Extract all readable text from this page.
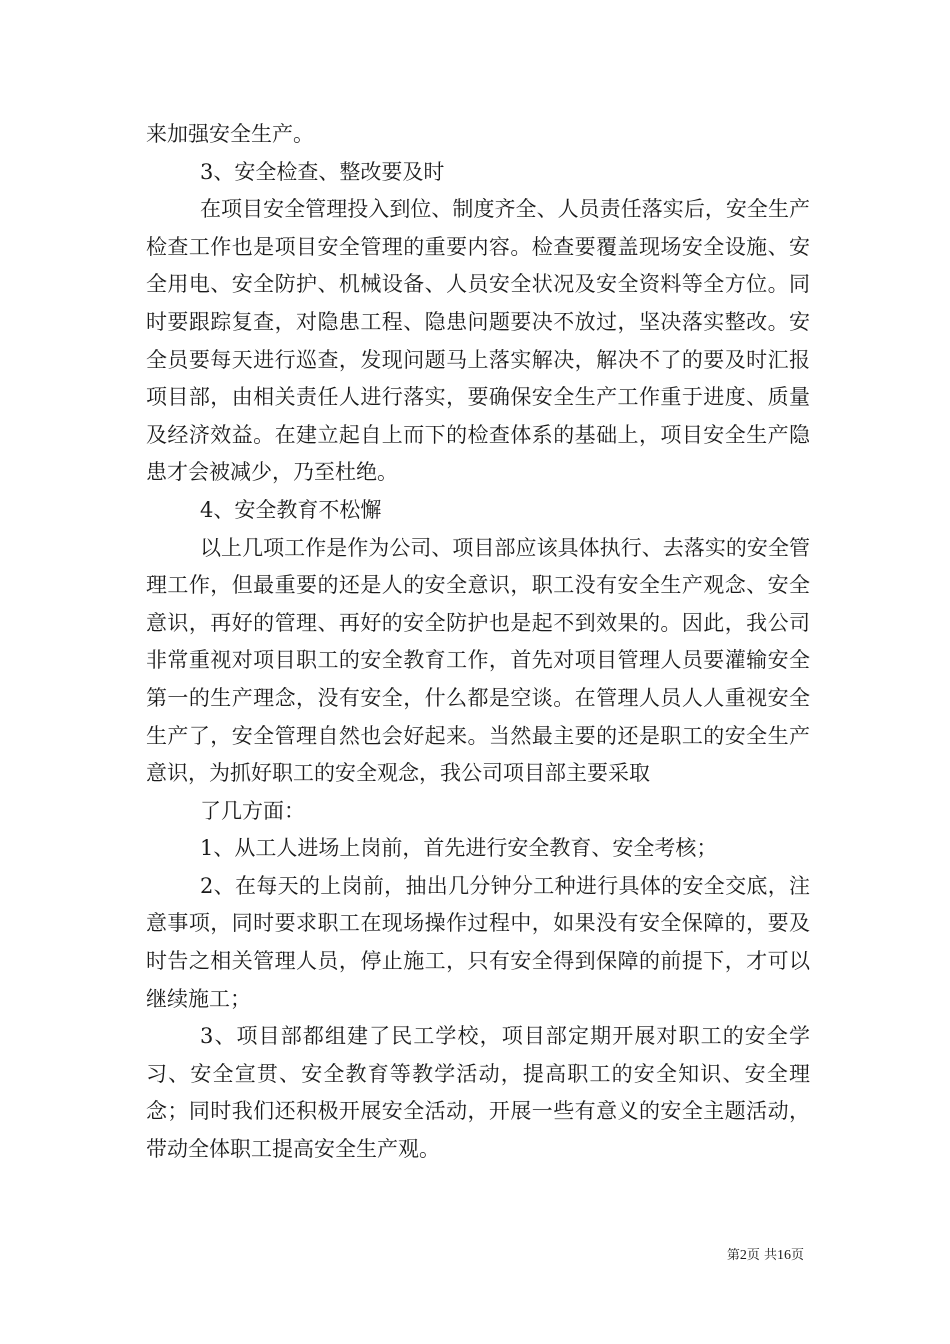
来加强安全生产。

3、安全检查、整改要及时

在项目安全管理投入到位、制度齐全、人员责任落实后，安全生产检查工作也是项目安全管理的重要内容。检查要覆盖现场安全设施、安全用电、安全防护、机械设备、人员安全状况及安全资料等全方位。同时要跟踪复查，对隐患工程、隐患问题要决不放过，坚决落实整改。安全员要每天进行巡查，发现问题马上落实解决，解决不了的要及时汇报项目部，由相关责任人进行落实，要确保安全生产工作重于进度、质量及经济效益。在建立起自上而下的检查体系的基础上，项目安全生产隐患才会被减少，乃至杜绝。

4、安全教育不松懈

以上几项工作是作为公司、项目部应该具体执行、去落实的安全管理工作，但最重要的还是人的安全意识，职工没有安全生产观念、安全意识，再好的管理、再好的安全防护也是起不到效果的。因此，我公司非常重视对项目职工的安全教育工作，首先对项目管理人员要灌输安全第一的生产理念，没有安全，什么都是空谈。在管理人员人人重视安全生产了，安全管理自然也会好起来。当然最主要的还是职工的安全生产意识，为抓好职工的安全观念，我公司项目部主要采取

了几方面：

1、从工人进场上岗前，首先进行安全教育、安全考核；

2、在每天的上岗前，抽出几分钟分工种进行具体的安全交底，注意事项，同时要求职工在现场操作过程中，如果没有安全保障的，要及时告之相关管理人员，停止施工，只有安全得到保障的前提下，才可以继续施工；

3、项目部都组建了民工学校，项目部定期开展对职工的安全学习、安全宣贯、安全教育等教学活动，提高职工的安全知识、安全理念；同时我们还积极开展安全活动，开展一些有意义的安全主题活动，带动全体职工提高安全生产观。

第2页 共16页
